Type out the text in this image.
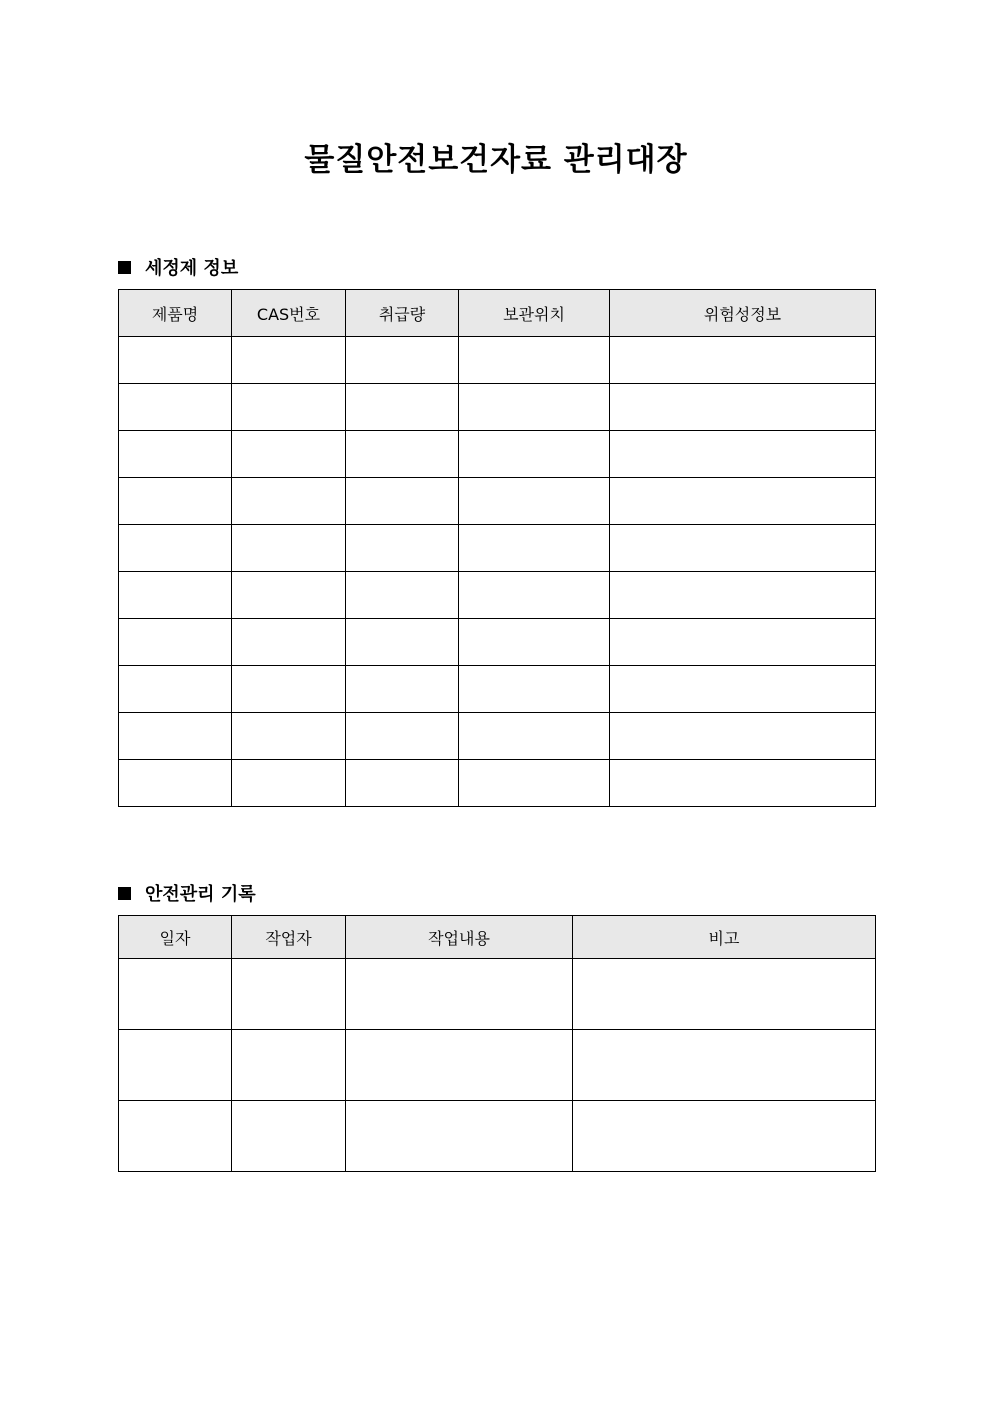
물질안전보건자료 관리대장
세정제 정보
제품명	CAS번호	취급량	보관위치	위험성정보

안전관리 기록
일자	작업자	작업내용	비고
